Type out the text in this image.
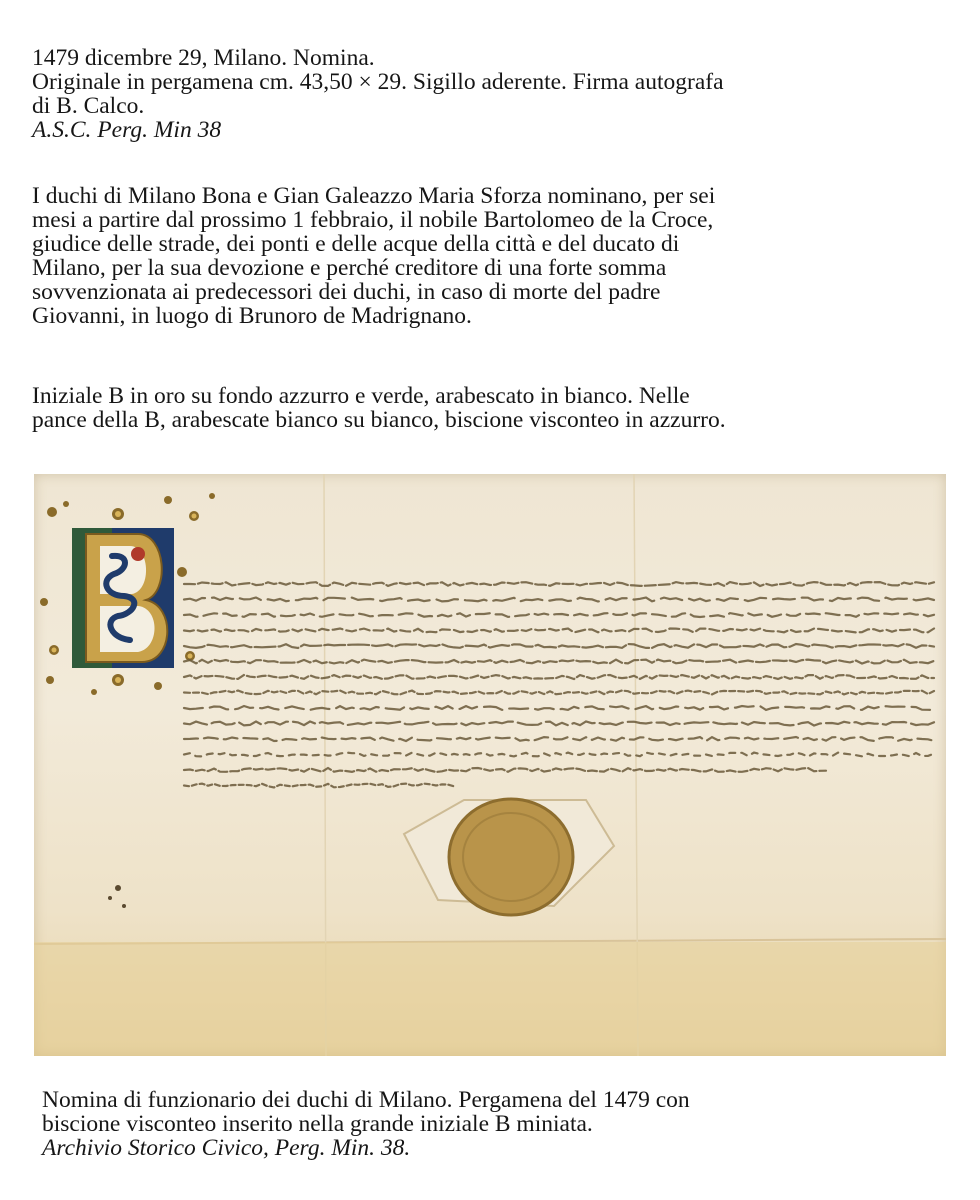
1479 dicembre 29, Milano. Nomina.
Originale in pergamena cm. 43,50 × 29. Sigillo aderente. Firma autografa
di B. Calco.
A.S.C. Perg. Min 38
I duchi di Milano Bona e Gian Galeazzo Maria Sforza nominano, per sei
mesi a partire dal prossimo 1 febbraio, il nobile Bartolomeo de la Croce,
giudice delle strade, dei ponti e delle acque della città e del ducato di
Milano, per la sua devozione e perché creditore di una forte somma
sovvenzionata ai predecessori dei duchi, in caso di morte del padre
Giovanni, in luogo di Brunoro de Madrignano.
Iniziale B in oro su fondo azzurro e verde, arabescato in bianco. Nelle
pance della B, arabescate bianco su bianco, biscione visconteo in azzurro.
Nomina di funzionario dei duchi di Milano. Pergamena del 1479 con
biscione visconteo inserito nella grande iniziale B miniata.
Archivio Storico Civico, Perg. Min. 38.
